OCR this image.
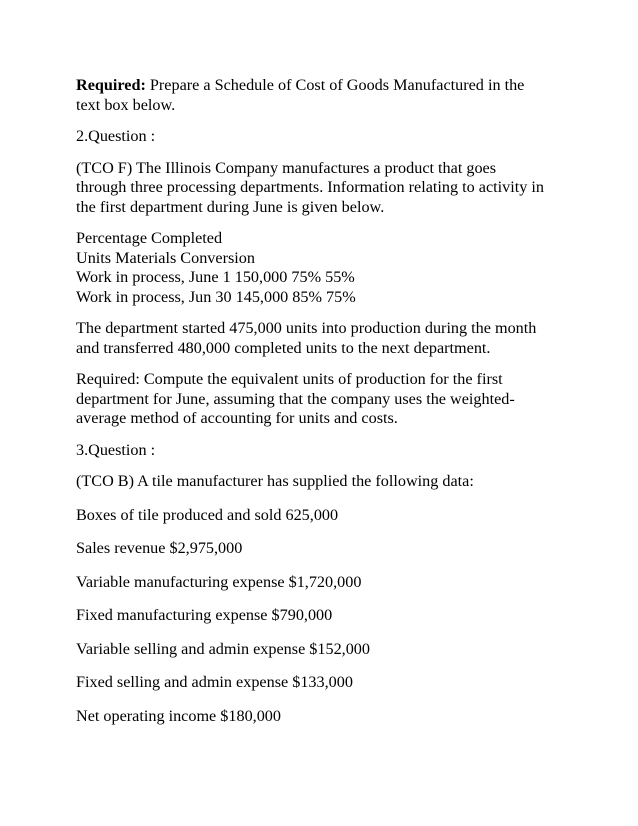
Required: Prepare a Schedule of Cost of Goods Manufactured in the
text box below.

2.Question :

(TCO F) The Illinois Company manufactures a product that goes
through three processing departments. Information relating to activity in
the first department during June is given below.

Percentage Completed
Units Materials Conversion
Work in process, June 1 150,000 75% 55%
Work in process, Jun 30 145,000 85% 75%

The department started 475,000 units into production during the month
and transferred 480,000 completed units to the next department.

Required: Compute the equivalent units of production for the first
department for June, assuming that the company uses the weighted-
average method of accounting for units and costs.

3.Question :

(TCO B) A tile manufacturer has supplied the following data:

Boxes of tile produced and sold 625,000

Sales revenue $2,975,000

Variable manufacturing expense $1,720,000

Fixed manufacturing expense $790,000

Variable selling and admin expense $152,000

Fixed selling and admin expense $133,000

Net operating income $180,000
